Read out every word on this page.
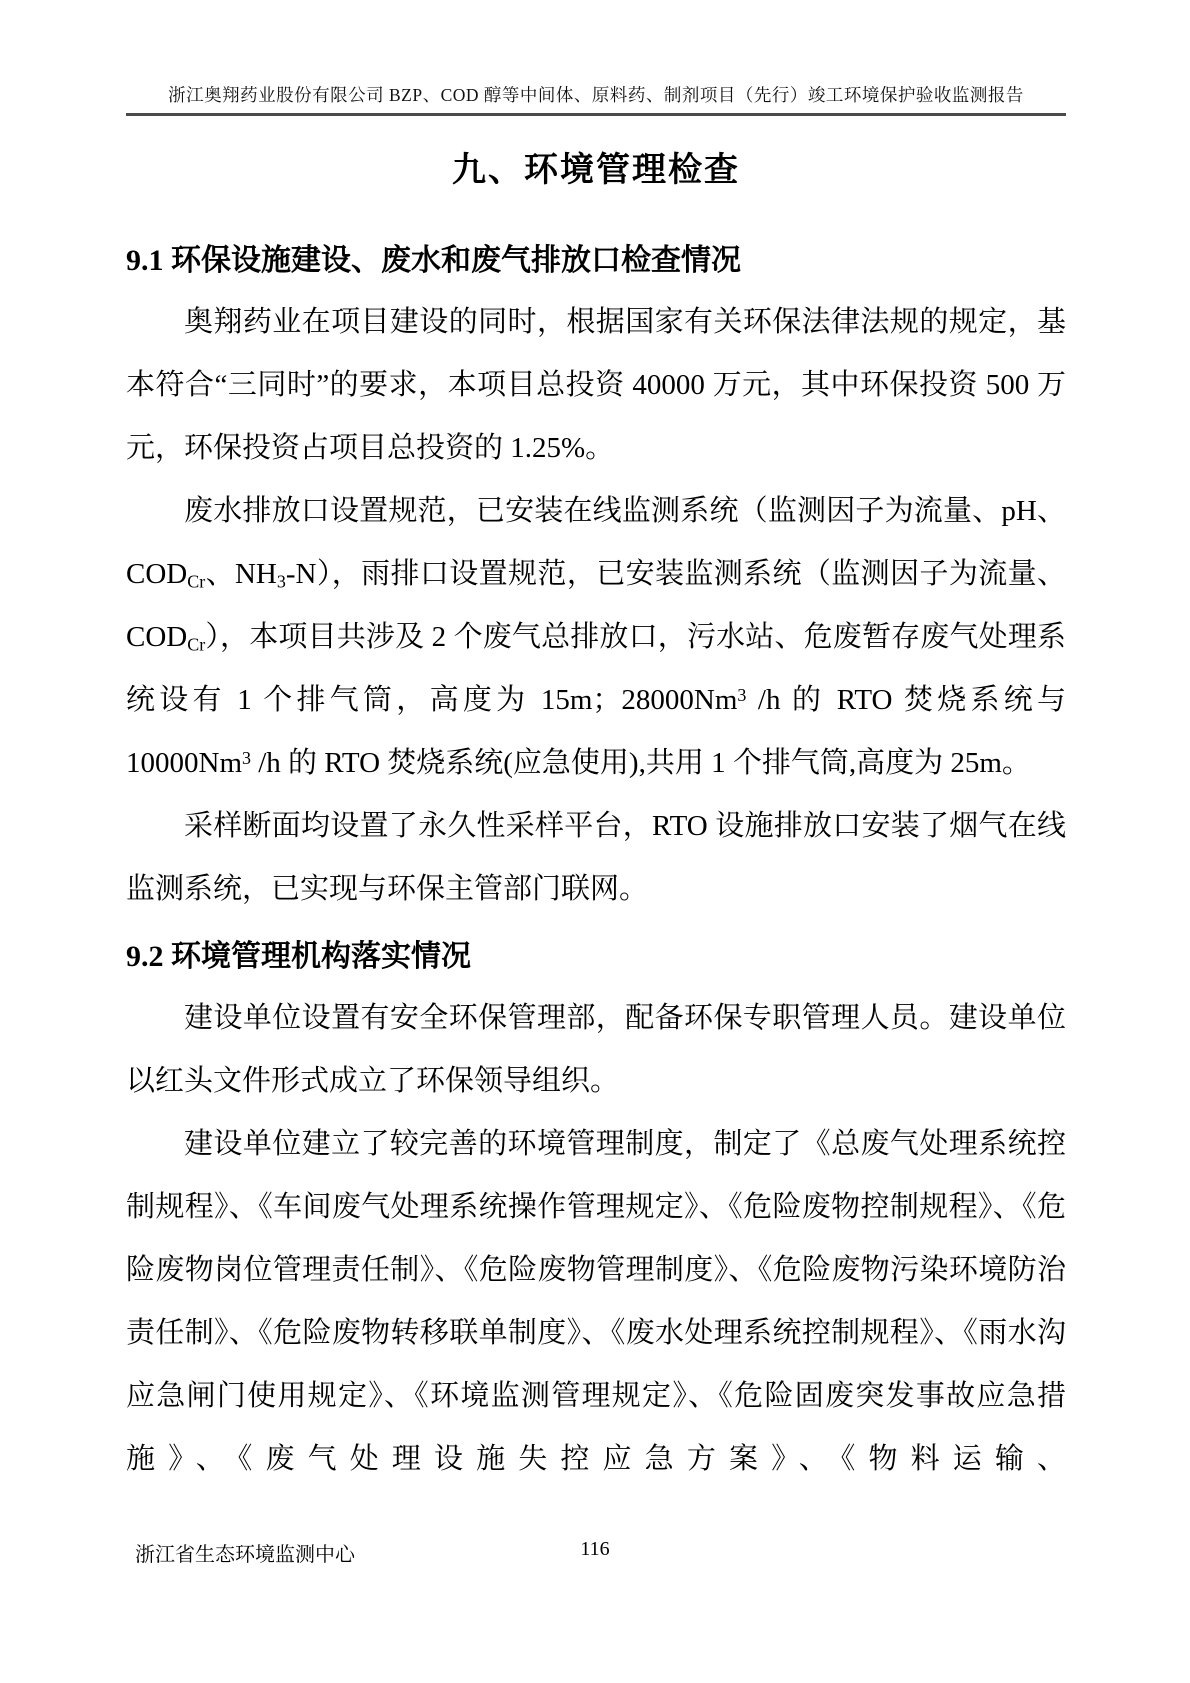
浙江奥翔药业股份有限公司 BZP、COD 醇等中间体、原料药、制剂项目（先行）竣工环境保护验收监测报告
九、环境管理检查
9.1 环保设施建设、废水和废气排放口检查情况

奥翔药业在项目建设的同时，根据国家有关环保法律法规的规定，基本符合“三同时”的要求，本项目总投资 40000 万元，其中环保投资 500 万元，环保投资占项目总投资的 1.25%。

废水排放口设置规范，已安装在线监测系统（监测因子为流量、pH、$COD_{Cr}$、$NH_3-N$），雨排口设置规范，已安装监测系统（监测因子为流量、$COD_{Cr}$），本项目共涉及 2 个废气总排放口，污水站、危废暂存废气处理系统设有 1 个排气筒，高度为 15m；28000Nm$^3$ /h 的 RTO 焚烧系统与 10000Nm$^3$ /h 的 RTO 焚烧系统(应急使用),共用 1 个排气筒,高度为 25m。

采样断面均设置了永久性采样平台，RTO 设施排放口安装了烟气在线监测系统，已实现与环保主管部门联网。

9.2 环境管理机构落实情况

建设单位设置有安全环保管理部，配备环保专职管理人员。建设单位以红头文件形式成立了环保领导组织。

建设单位建立了较完善的环境管理制度，制定了《总废气处理系统控制规程》、《车间废气处理系统操作管理规定》、《危险废物控制规程》、《危险废物岗位管理责任制》、《危险废物管理制度》、《危险废物污染环境防治责任制》、《危险废物转移联单制度》、《废水处理系统控制规程》、《雨水沟应急闸门使用规定》、《环境监测管理规定》、《危险固废突发事故应急措施》、《废气处理设施失控应急方案》、《物料运输、

浙江省生态环境监测中心	116
